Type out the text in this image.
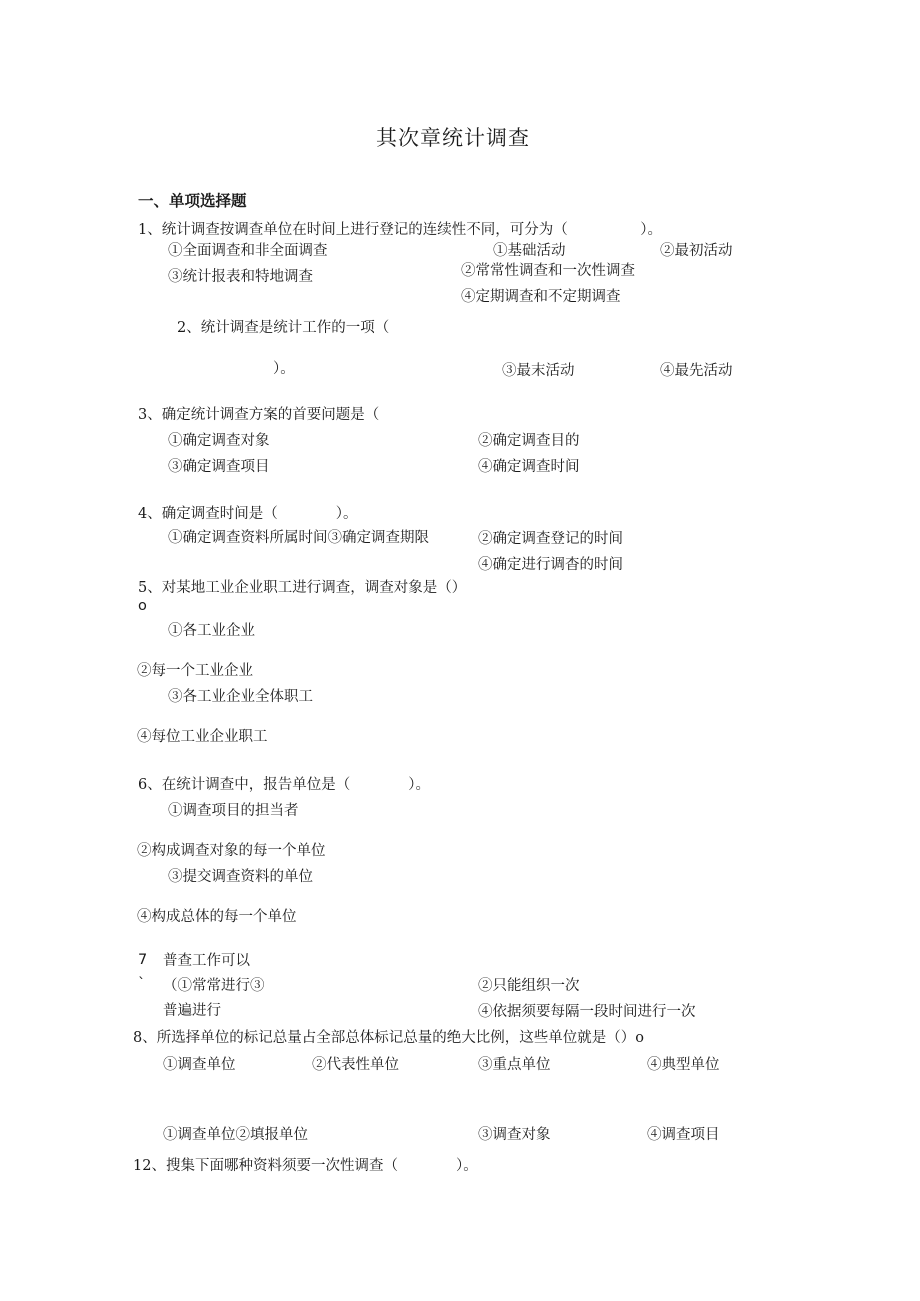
其次章统计调查
一、单项选择题
1、统计调查按调查单位在时间上进行登记的连续性不同，可分为（　　　　　）。
①全面调查和非全面调查
③统计报表和特地调查	②常常性调查和一次性调查
④定期调查和不定期调查
①基础活动	②最初活动
2、统计调查是统计工作的一项（
）。	③最末活动	④最先活动
3、确定统计调查方案的首要问题是（
①确定调查对象	②确定调查目的
③确定调查项目	④确定调查时间
4、确定调查时间是（　　　　）。
①确定调查资料所属时间③确定调查期限	②确定调查登记的时间
④确定进行调杳的时间
5、对某地工业企业职工进行调查，调查对象是（）
o
①各工业企业
②每一个工业企业
③各工业企业全体职工
④每位工业企业职工
6、在统计调查中，报告单位是（　　　　）。
①调查项目的担当者
②构成调查对象的每一个单位
③提交调查资料的单位
④构成总体的每一个单位
7 普查工作可以
` （①常常进行③
普遍进行
②只能组织一次
④依据须要每隔一段时间进行一次
8、所选择单位的标记总量占全部总体标记总量的绝大比例，这些单位就是（）o
①调查单位	②代表性单位	③重点单位	④典型单位
①调查单位②填报单位	③调查对象	④调查项目
12、搜集下面哪种资料须要一次性调查（　　　　）。
